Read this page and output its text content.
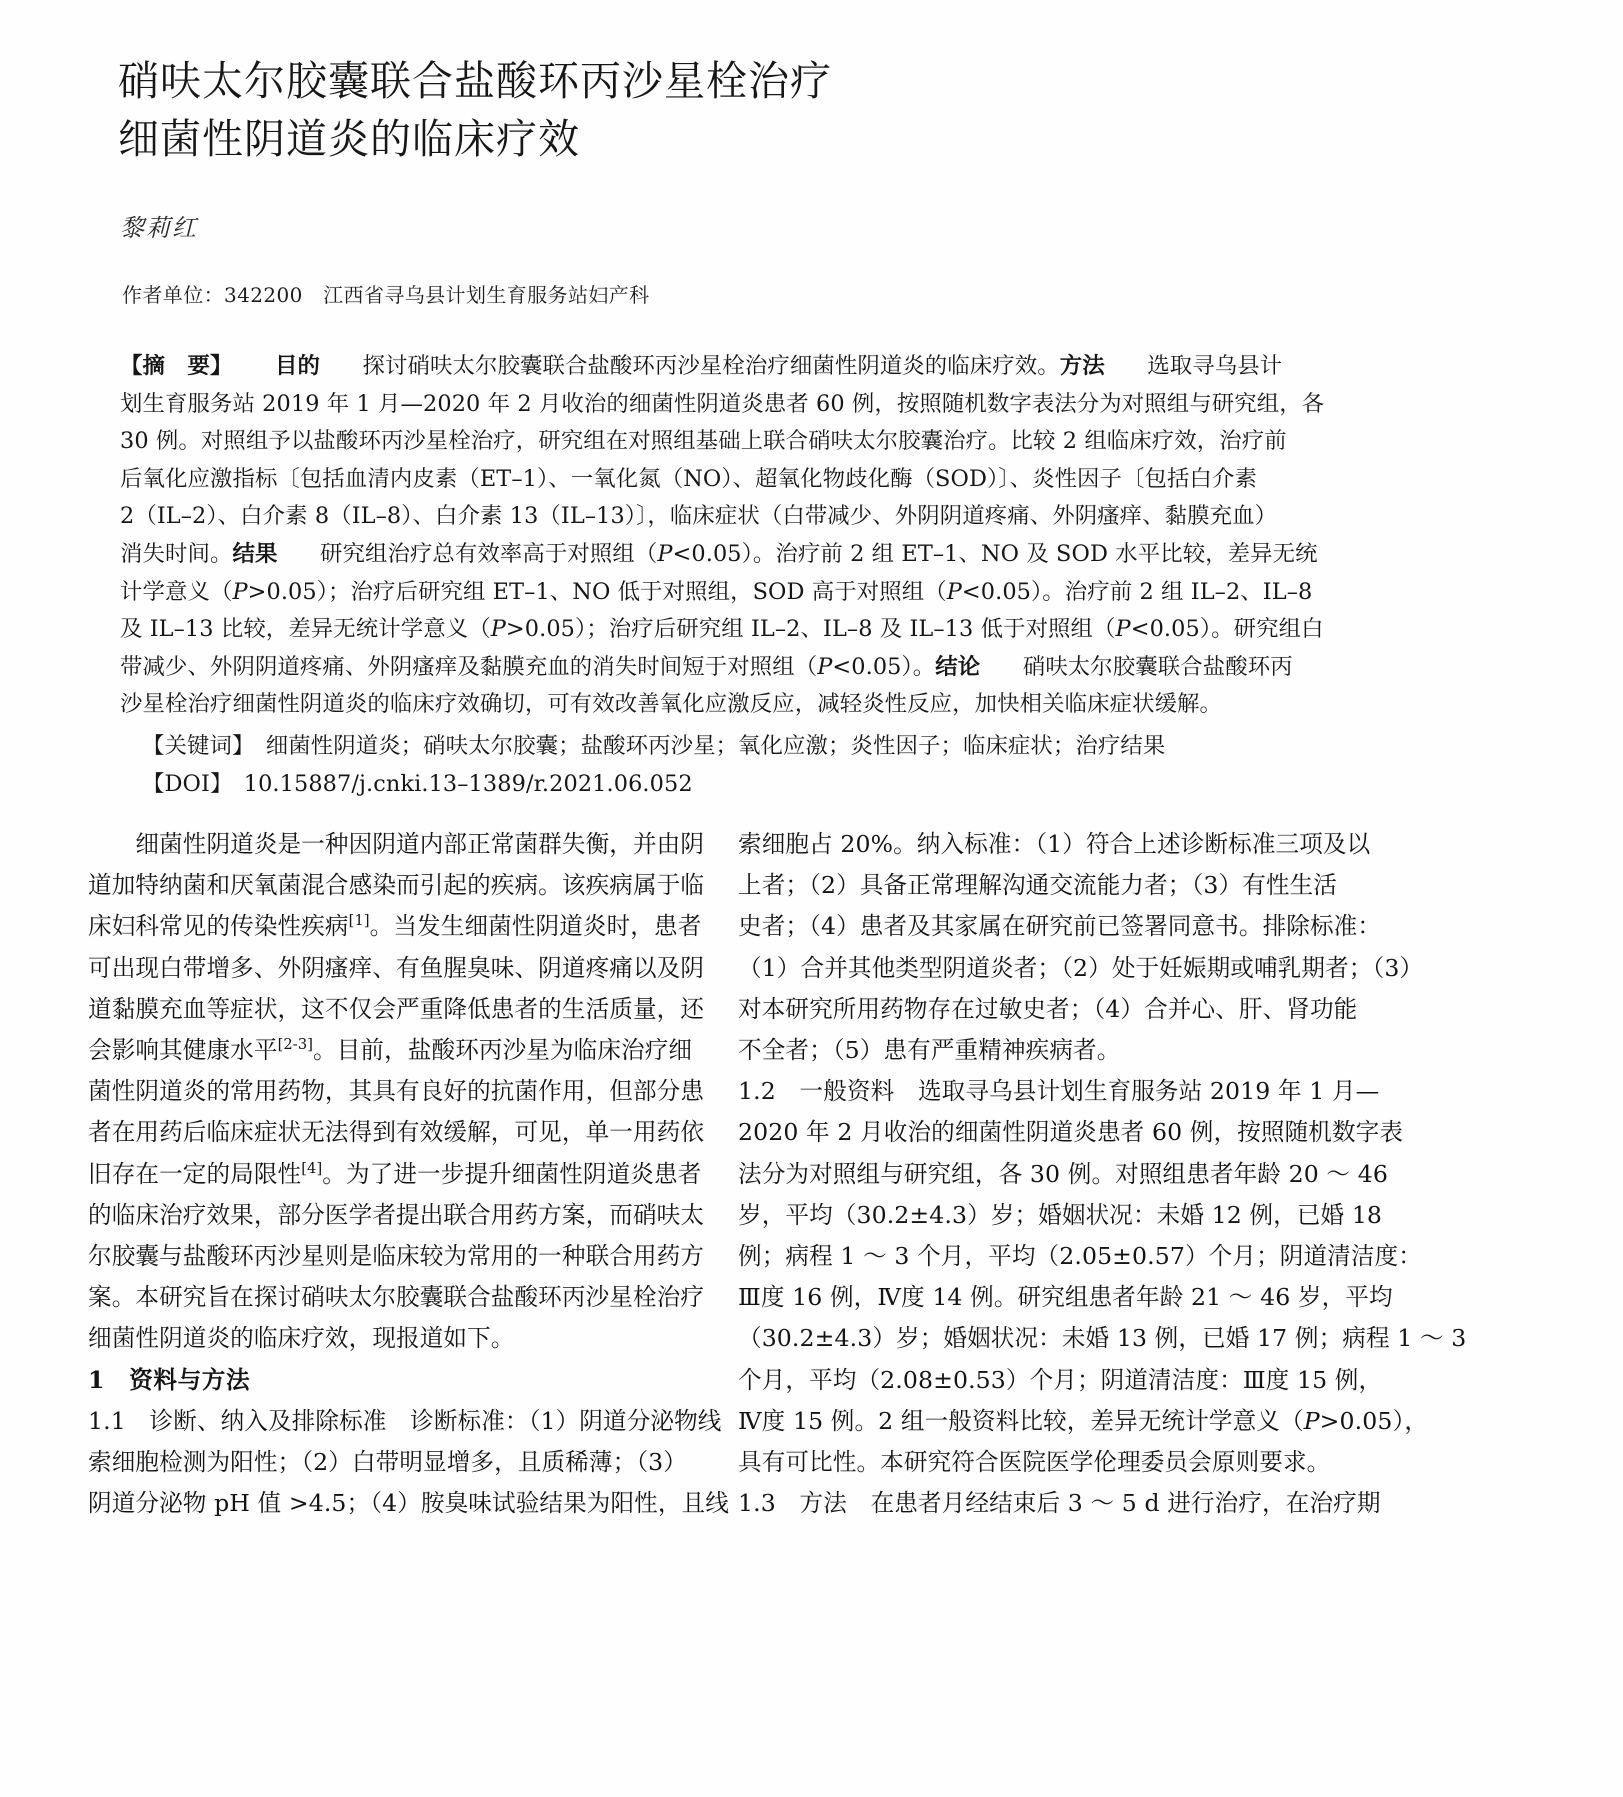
硝呋太尔胶囊联合盐酸环丙沙星栓治疗
细菌性阴道炎的临床疗效
黎莉红
作者单位：342200　江西省寻乌县计划生育服务站妇产科
【摘　要】 目的 探讨硝呋太尔胶囊联合盐酸环丙沙星栓治疗细菌性阴道炎的临床疗效。方法 选取寻乌县计
划生育服务站 2019 年 1 月—2020 年 2 月收治的细菌性阴道炎患者 60 例，按照随机数字表法分为对照组与研究组，各
30 例。对照组予以盐酸环丙沙星栓治疗，研究组在对照组基础上联合硝呋太尔胶囊治疗。比较 2 组临床疗效，治疗前
后氧化应激指标〔包括血清内皮素（ET–1）、一氧化氮（NO）、超氧化物歧化酶（SOD）〕、炎性因子〔包括白介素
2（IL–2）、白介素 8（IL–8）、白介素 13（IL–13）〕，临床症状（白带减少、外阴阴道疼痛、外阴瘙痒、黏膜充血）
消失时间。结果 研究组治疗总有效率高于对照组（P<0.05）。治疗前 2 组 ET–1、NO 及 SOD 水平比较，差异无统
计学意义（P>0.05）；治疗后研究组 ET–1、NO 低于对照组，SOD 高于对照组（P<0.05）。治疗前 2 组 IL–2、IL–8
及 IL–13 比较，差异无统计学意义（P>0.05）；治疗后研究组 IL–2、IL–8 及 IL–13 低于对照组（P<0.05）。研究组白
带减少、外阴阴道疼痛、外阴瘙痒及黏膜充血的消失时间短于对照组（P<0.05）。结论 硝呋太尔胶囊联合盐酸环丙
沙星栓治疗细菌性阴道炎的临床疗效确切，可有效改善氧化应激反应，减轻炎性反应，加快相关临床症状缓解。
【关键词】　细菌性阴道炎；硝呋太尔胶囊；盐酸环丙沙星；氧化应激；炎性因子；临床症状；治疗结果
【DOI】　10.15887/j.cnki.13–1389/r.2021.06.052
　　细菌性阴道炎是一种因阴道内部正常菌群失衡，并由阴
道加特纳菌和厌氧菌混合感染而引起的疾病。该疾病属于临
床妇科常见的传染性疾病[1]。当发生细菌性阴道炎时，患者
可出现白带增多、外阴瘙痒、有鱼腥臭味、阴道疼痛以及阴
道黏膜充血等症状，这不仅会严重降低患者的生活质量，还
会影响其健康水平[2-3]。目前，盐酸环丙沙星为临床治疗细
菌性阴道炎的常用药物，其具有良好的抗菌作用，但部分患
者在用药后临床症状无法得到有效缓解，可见，单一用药依
旧存在一定的局限性[4]。为了进一步提升细菌性阴道炎患者
的临床治疗效果，部分医学者提出联合用药方案，而硝呋太
尔胶囊与盐酸环丙沙星则是临床较为常用的一种联合用药方
案。本研究旨在探讨硝呋太尔胶囊联合盐酸环丙沙星栓治疗
细菌性阴道炎的临床疗效，现报道如下。
1　资料与方法
1.1　诊断、纳入及排除标准　诊断标准：（1）阴道分泌物线
索细胞检测为阳性；（2）白带明显增多，且质稀薄；（3）
阴道分泌物 pH 值 >4.5；（4）胺臭味试验结果为阳性，且线
索细胞占 20%。纳入标准：（1）符合上述诊断标准三项及以
上者；（2）具备正常理解沟通交流能力者；（3）有性生活
史者；（4）患者及其家属在研究前已签署同意书。排除标准：
（1）合并其他类型阴道炎者；（2）处于妊娠期或哺乳期者；（3）
对本研究所用药物存在过敏史者；（4）合并心、肝、肾功能
不全者；（5）患有严重精神疾病者。
1.2　一般资料　选取寻乌县计划生育服务站 2019 年 1 月—
2020 年 2 月收治的细菌性阴道炎患者 60 例，按照随机数字表
法分为对照组与研究组，各 30 例。对照组患者年龄 20 ～ 46
岁，平均（30.2±4.3）岁；婚姻状况：未婚 12 例，已婚 18
例；病程 1 ～ 3 个月，平均（2.05±0.57）个月；阴道清洁度：
Ⅲ度 16 例，Ⅳ度 14 例。研究组患者年龄 21 ～ 46 岁，平均
（30.2±4.3）岁；婚姻状况：未婚 13 例，已婚 17 例；病程 1 ～ 3
个月，平均（2.08±0.53）个月；阴道清洁度：Ⅲ度 15 例，
Ⅳ度 15 例。2 组一般资料比较，差异无统计学意义（P>0.05），
具有可比性。本研究符合医院医学伦理委员会原则要求。
1.3　方法　在患者月经结束后 3 ～ 5 d 进行治疗，在治疗期
